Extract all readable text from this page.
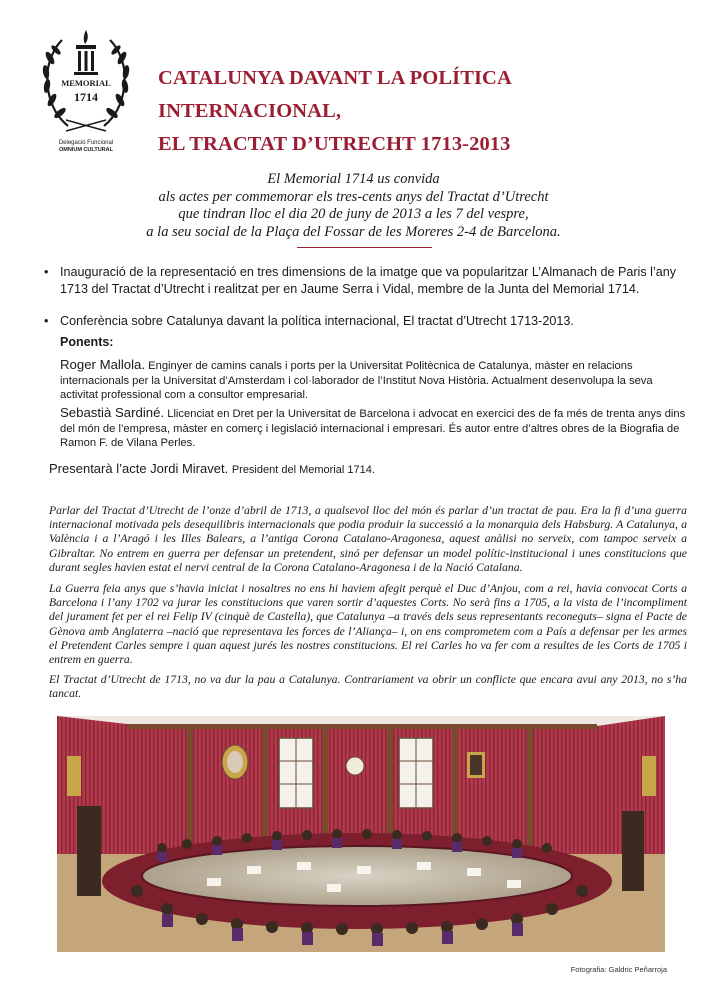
MEMORIAL
1714
Delegació Funcional
OMNIUM CULTURAL
CATALUNYA DAVANT LA POLÍTICA INTERNACIONAL,
EL TRACTAT D’UTRECHT 1713-2013
El Memorial 1714 us convida
als actes per commemorar els tres-cents anys del Tractat d’Utrecht
que tindran lloc el dia 20 de juny de 2013 a les 7 del vespre,
a la seu social de la Plaça del Fossar de les Moreres 2-4 de Barcelona.
• Inauguració de la representació en tres dimensions de la imatge que va popularitzar L’Almanach de Paris l’any 1713 del Tractat d’Utrecht i realitzat per en Jaume Serra i Vidal, membre de la Junta del Memorial 1714.
• Conferència sobre Catalunya davant la política internacional, El tractat d’Utrecht 1713-2013.
Ponents:
Roger Mallola. Enginyer de camins canals i ports per la Universitat Politècnica de Catalunya, màster en relacions internacionals per la Universitat d’Amsterdam i col·laborador de l’Institut Nova Història. Actualment desenvolupa la seva activitat professional com a consultor empresarial.
Sebastià Sardiné. Llicenciat en Dret per la Universitat de Barcelona i advocat en exercici des de fa més de trenta anys dins del món de l’empresa, màster en comerç i legislació internacional i empresari. És autor entre d’altres obres de la Biografia de Ramon F. de Vilana Perles.
Presentarà l’acte Jordi Miravet. President del Memorial 1714.
Parlar del Tractat d’Utrecht de l’onze d’abril de 1713, a qualsevol lloc del món és parlar d’un tractat de pau. Era la fi d’una guerra internacional motivada pels desequilibris internacionals que podia produir la successió a la monarquia dels Habsburg. A Catalunya, a València i a l’Aragó i les Illes Balears, a l’antiga Corona Catalano-Aragonesa, aquest anàlisi no serveix, com tampoc serveix a Gibraltar. No entrem en guerra per defensar un pretendent, sinó per defensar un model polític-institucional i unes constitucions que durant segles havien estat el nervi central de la Corona Catalano-Aragonesa i de la Nació Catalana.
La Guerra feia anys que s’havia iniciat i nosaltres no ens hi haviem afegit perquè el Duc d’Anjou, com a rei, havia convocat Corts a Barcelona i l’any 1702 va jurar les constitucions que varen sortir d’aquestes Corts. No serà fins a 1705, a la vista de l’incompliment del jurament fet per el rei Felip IV (cinquè de Castella), que Catalunya –a través dels seus representants reconeguts– signa el Pacte de Gènova amb Anglaterra –nació que representava les forces de l’Aliança– i, on ens comprometem com a País a defensar per les armes el Pretendent Carles sempre i quan aquest jurés les nostres constitucions. El rei Carles ho va fer com a resultes de les Corts de 1705 i entrem en guerra.
El Tractat d’Utrecht de 1713, no va dur la pau a Catalunya. Contrariament va obrir un conflicte que encara avui any 2013, no s’ha tancat.
Fotografia: Galdric Peñarroja
